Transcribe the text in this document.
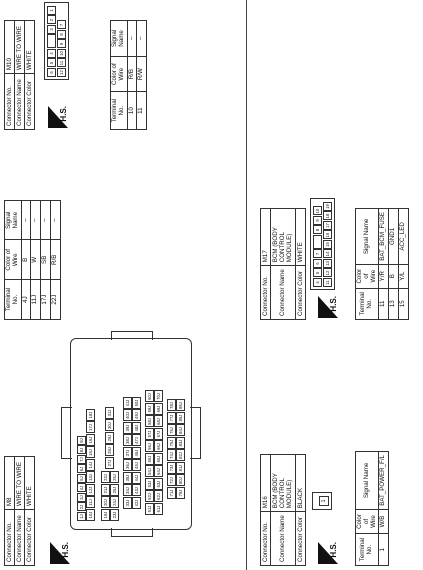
Connector No.	M8
Connector Name	WIRE TO WIRE
Connector Color	WHITE
H.S.
1J
2J
3J
4J
5J
6J
7J
8J
9J
10J
11J
12J
13J
14J
15J
16J
17J
18J
19J
20J
21J
22J
23J
24J
25J
26J
27J
28J
29J
30J
31J
33J
34J
35J
36J
37J
38J
39J
40J
41J
42J
43J
44J
45J
46J
47J
48J
49J
50J
51J
52J
53J
54J
55J
56J
57J
58J
59J
60J
61J
62J
63J
64J
65J
66J
67J
68J
69J
70J
71J
72J
73J
74J
75J
76J
77J
78J
79J
80J
81J
82J
83J
84J
85J
86J
Terminal No.	Color of Wire	Signal Name
4J	B	–
11J	W	–
17J	SB	–
22J	R/B	–
Connector No.	M10
Connector Name	WIRE TO WIRE
Connector Color	WHITE
H.S.
6
5
4
3
2
1
12
11
10
9
8
7
Terminal No.	Color of Wire	Signal Name
10	R/B	–
11	R/W	–
Connector No.	M16
Connector Name	BCM (BODY CONTROL MODULE)
Connector Color	BLACK
H.S.
1
Terminal No.	Color of Wire	Signal Name
1	W/B	BAT_POWER_F/L
Connector No.	M17
Connector Name	BCM (BODY CONTROL MODULE)
Connector Color	WHITE
H.S.
4
5
6
7
8
9
10
11
12
13
14
15
16
17
18
19
Terminal No.	Color of Wire	Signal Name
11	Y/R	BAT_BCM_FUSE
13	B	GND1
15	Y/L	ACC_LED
